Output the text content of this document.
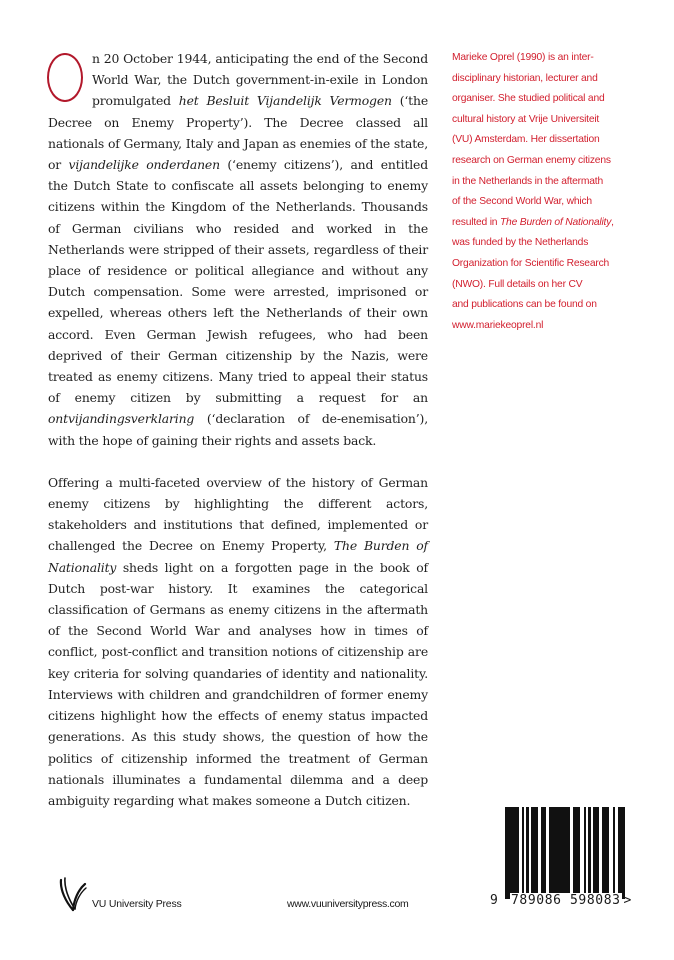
n 20 October 1944, anticipating the end of the Second World War, the Dutch government-in-exile in London promulgated het Besluit Vijandelijk Vermogen (‘the Decree on Enemy Property’). The Decree classed all nationals of Germany, Italy and Japan as enemies of the state, or vijandelijke onderdanen (‘enemy citizens’), and entitled the Dutch State to confiscate all assets belonging to enemy citizens within the Kingdom of the Netherlands. Thousands of German civilians who resided and worked in the Netherlands were stripped of their assets, regardless of their place of residence or political allegiance and without any Dutch compensation. Some were arrested, imprisoned or expelled, whereas others left the Netherlands of their own accord. Even German Jewish refugees, who had been deprived of their German citizenship by the Nazis, were treated as enemy citizens. Many tried to appeal their status of enemy citizen by submitting a request for an ontvijandingsverklaring (‘declaration of de-enemisation’), with the hope of gaining their rights and assets back.

Offering a multi-faceted overview of the history of German enemy citizens by highlighting the different actors, stakeholders and institutions that defined, implemented or challenged the Decree on Enemy Property, The Burden of Nationality sheds light on a forgotten page in the book of Dutch post-war history. It examines the categorical classification of Germans as enemy citizens in the aftermath of the Second World War and analyses how in times of conflict, post-conflict and transition notions of citizenship are key criteria for solving quandaries of identity and nationality. Interviews with children and grandchildren of former enemy citizens highlight how the effects of enemy status impacted generations. As this study shows, the question of how the politics of citizenship informed the treatment of German nationals illuminates a fundamental dilemma and a deep ambiguity regarding what makes someone a Dutch citizen.

Marieke Oprel (1990) is an inter-
disciplinary historian, lecturer and
organiser. She studied political and
cultural history at Vrije Universiteit
(VU) Amsterdam. Her dissertation
research on German enemy citizens
in the Netherlands in the aftermath
of the Second World War, which
resulted in The Burden of Nationality,
was funded by the Netherlands
Organization for Scientific Research
(NWO). Full details on her CV
and publications can be found on
www.mariekeoprel.nl
VU University Press	www.vuuniversitypress.com	9 789086 598083 >
